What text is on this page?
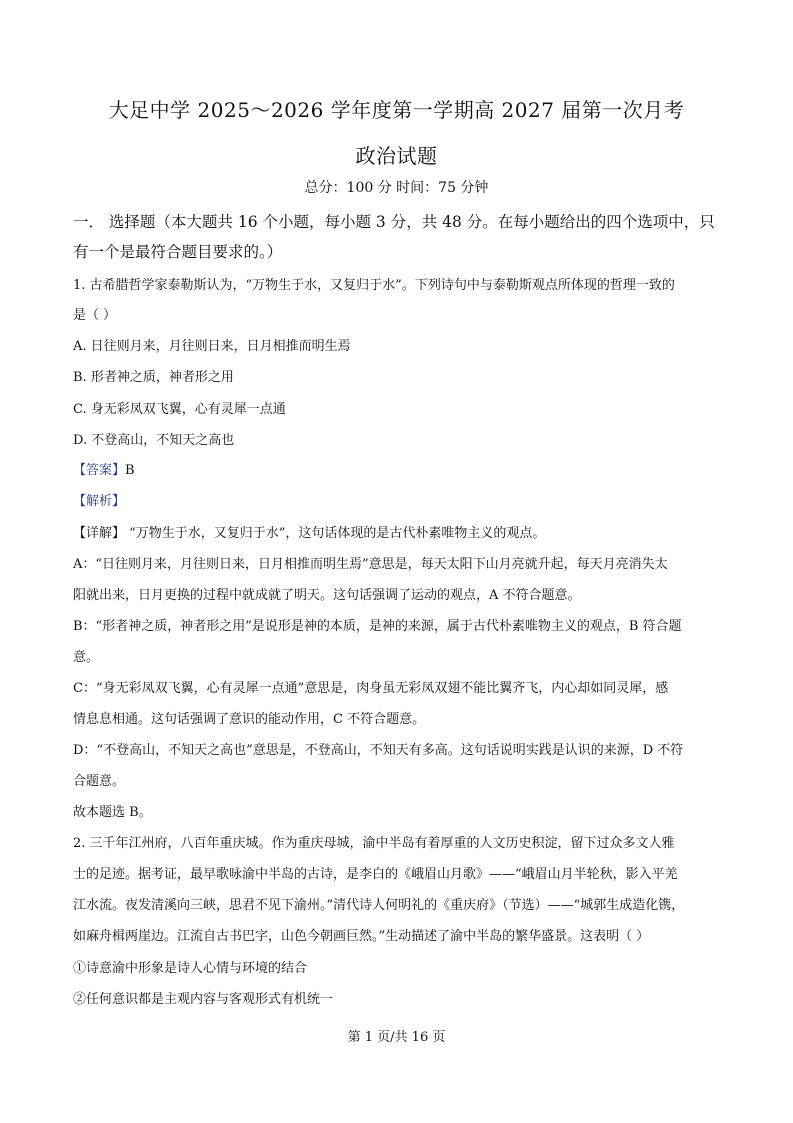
大足中学 2025～2026 学年度第一学期高 2027 届第一次月考
政治试题
总分：100 分 时间：75 分钟
一． 选择题（本大题共 16 个小题，每小题 3 分，共 48 分。在每小题给出的四个选项中，只
有一个是最符合题目要求的。）
1. 古希腊哲学家泰勒斯认为，“万物生于水，又复归于水”。下列诗句中与泰勒斯观点所体现的哲理一致的
是（ ）
A. 日往则月来，月往则日来，日月相推而明生焉
B. 形者神之质，神者形之用
C. 身无彩凤双飞翼，心有灵犀一点通
D. 不登高山，不知天之高也
【答案】B
【解析】
【详解】 “万物生于水，又复归于水”，这句话体现的是古代朴素唯物主义的观点。
A：“日往则月来，月往则日来，日月相推而明生焉”意思是，每天太阳下山月亮就升起，每天月亮消失太
阳就出来，日月更换的过程中就成就了明天。这句话强调了运动的观点，A 不符合题意。
B：“形者神之质，神者形之用”是说形是神的本质，是神的来源，属于古代朴素唯物主义的观点，B 符合题
意。
C：“身无彩凤双飞翼，心有灵犀一点通”意思是，肉身虽无彩凤双翅不能比翼齐飞，内心却如同灵犀，感
情息息相通。这句话强调了意识的能动作用，C 不符合题意。
D：“不登高山，不知天之高也”意思是，不登高山，不知天有多高。这句话说明实践是认识的来源，D 不符
合题意。
故本题选 B。
2. 三千年江州府，八百年重庆城。作为重庆母城，渝中半岛有着厚重的人文历史积淀，留下过众多文人雅
士的足迹。据考证，最早歌咏渝中半岛的古诗，是李白的《峨眉山月歌》——“峨眉山月半轮秋，影入平羌
江水流。夜发清溪向三峡，思君不见下渝州。”清代诗人何明礼的《重庆府》（节选）——“城郭生成造化镌，
如麻舟楫两崖边。江流自古书巴字，山色今朝画巨然。”生动描述了渝中半岛的繁华盛景。这表明（ ）
①诗意渝中形象是诗人心情与环境的结合
②任何意识都是主观内容与客观形式有机统一
第 1 页/共 16 页
